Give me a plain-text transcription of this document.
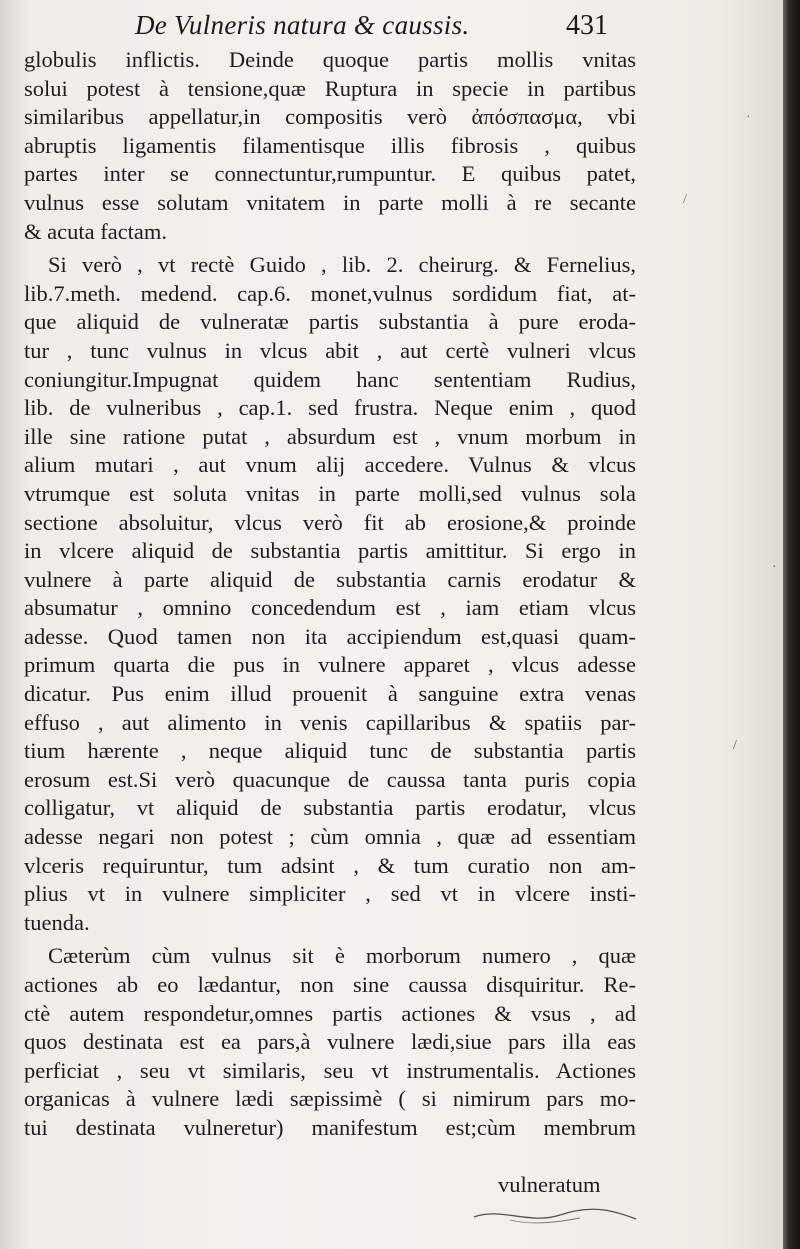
De Vulneris natura & caussis.	431
globulis inflictis. Deinde quoque partis mollis vnitas
solui potest à tensione,quæ Ruptura in specie in partibus
similaribus appellatur,in compositis verò ἀπόσπασμα, vbi
abruptis ligamentis filamentisque illis fibrosis , quibus
partes inter se connectuntur,rumpuntur. E quibus patet,
vulnus esse solutam vnitatem in parte molli à re secante
& acuta factam.
Si verò , vt rectè Guido , lib. 2. cheirurg. & Fernelius,
lib.7.meth. medend. cap.6. monet,vulnus sordidum fiat, at-
que aliquid de vulneratæ partis substantia à pure eroda-
tur , tunc vulnus in vlcus abit , aut certè vulneri vlcus
coniungitur.Impugnat quidem hanc sententiam Rudius,
lib. de vulneribus , cap.1. sed frustra. Neque enim , quod
ille sine ratione putat , absurdum est , vnum morbum in
alium mutari , aut vnum alij accedere. Vulnus & vlcus
vtrumque est soluta vnitas in parte molli,sed vulnus sola
sectione absoluitur, vlcus verò fit ab erosione,& proinde
in vlcere aliquid de substantia partis amittitur. Si ergo in
vulnere à parte aliquid de substantia carnis erodatur &
absumatur , omnino concedendum est , iam etiam vlcus
adesse. Quod tamen non ita accipiendum est,quasi quam-
primum quarta die pus in vulnere apparet , vlcus adesse
dicatur. Pus enim illud prouenit à sanguine extra venas
effuso , aut alimento in venis capillaribus & spatiis par-
tium hærente , neque aliquid tunc de substantia partis
erosum est.Si verò quacunque de caussa tanta puris copia
colligatur, vt aliquid de substantia partis erodatur, vlcus
adesse negari non potest ; cùm omnia , quæ ad essentiam
vlceris requiruntur, tum adsint , & tum curatio non am-
plius vt in vulnere simpliciter , sed vt in vlcere insti-
tuenda.
Cæterùm cùm vulnus sit è morborum numero , quæ
actiones ab eo lædantur, non sine caussa disquiritur. Re-
ctè autem respondetur,omnes partis actiones & vsus , ad
quos destinata est ea pars,à vulnere lædi,siue pars illa eas
perficiat , seu vt similaris, seu vt instrumentalis. Actiones
organicas à vulnere lædi sæpissimè ( si nimirum pars mo-
tui destinata vulneretur) manifestum est;cùm membrum
vulneratum
/
·
/
·
